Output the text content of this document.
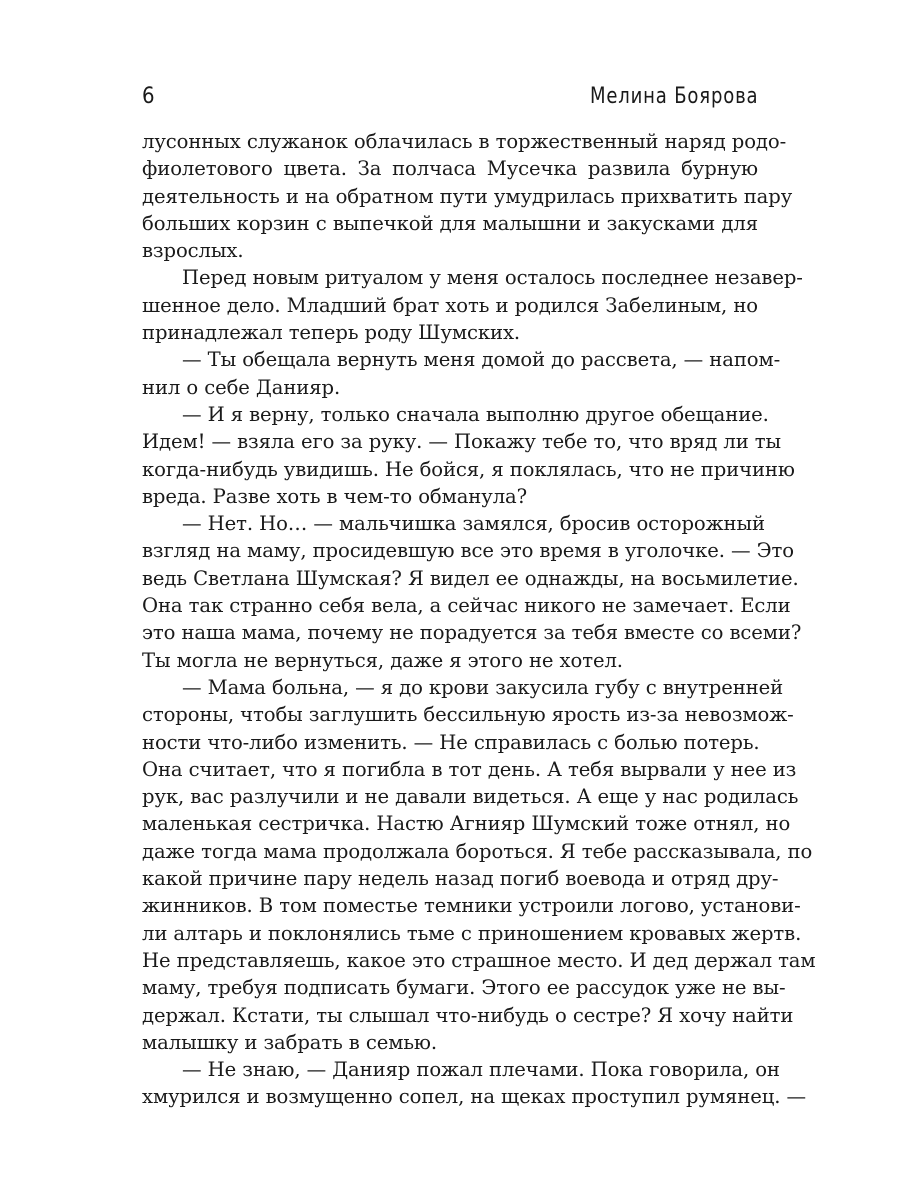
6	Мелина Боярова
лусонных служанок облачилась в торжественный наряд родо-
фиолетового цвета. За полчаса Мусечка развила бурную
деятельность и на обратном пути умудрилась прихватить пару
больших корзин с выпечкой для малышни и закусками для
взрослых.
Перед новым ритуалом у меня осталось последнее незавер-
шенное дело. Младший брат хоть и родился Забелиным, но
принадлежал теперь роду Шумских.
— Ты обещала вернуть меня домой до рассвета, — напом-
нил о себе Данияр.
— И я верну, только сначала выполню другое обещание.
Идем! — взяла его за руку. — Покажу тебе то, что вряд ли ты
когда-нибудь увидишь. Не бойся, я поклялась, что не причиню
вреда. Разве хоть в чем-то обманула?
— Нет. Но… — мальчишка замялся, бросив осторожный
взгляд на маму, просидевшую все это время в уголочке. — Это
ведь Светлана Шумская? Я видел ее однажды, на восьмилетие.
Она так странно себя вела, а сейчас никого не замечает. Если
это наша мама, почему не порадуется за тебя вместе со всеми?
Ты могла не вернуться, даже я этого не хотел.
— Мама больна, — я до крови закусила губу с внутренней
стороны, чтобы заглушить бессильную ярость из-за невозмож-
ности что-либо изменить. — Не справилась с болью потерь.
Она считает, что я погибла в тот день. А тебя вырвали у нее из
рук, вас разлучили и не давали видеться. А еще у нас родилась
маленькая сестричка. Настю Агнияр Шумский тоже отнял, но
даже тогда мама продолжала бороться. Я тебе рассказывала, по
какой причине пару недель назад погиб воевода и отряд дру-
жинников. В том поместье темники устроили логово, установи-
ли алтарь и поклонялись тьме с приношением кровавых жертв.
Не представляешь, какое это страшное место. И дед держал там
маму, требуя подписать бумаги. Этого ее рассудок уже не вы-
держал. Кстати, ты слышал что-нибудь о сестре? Я хочу найти
малышку и забрать в семью.
— Не знаю, — Данияр пожал плечами. Пока говорила, он
хмурился и возмущенно сопел, на щеках проступил румянец. —
